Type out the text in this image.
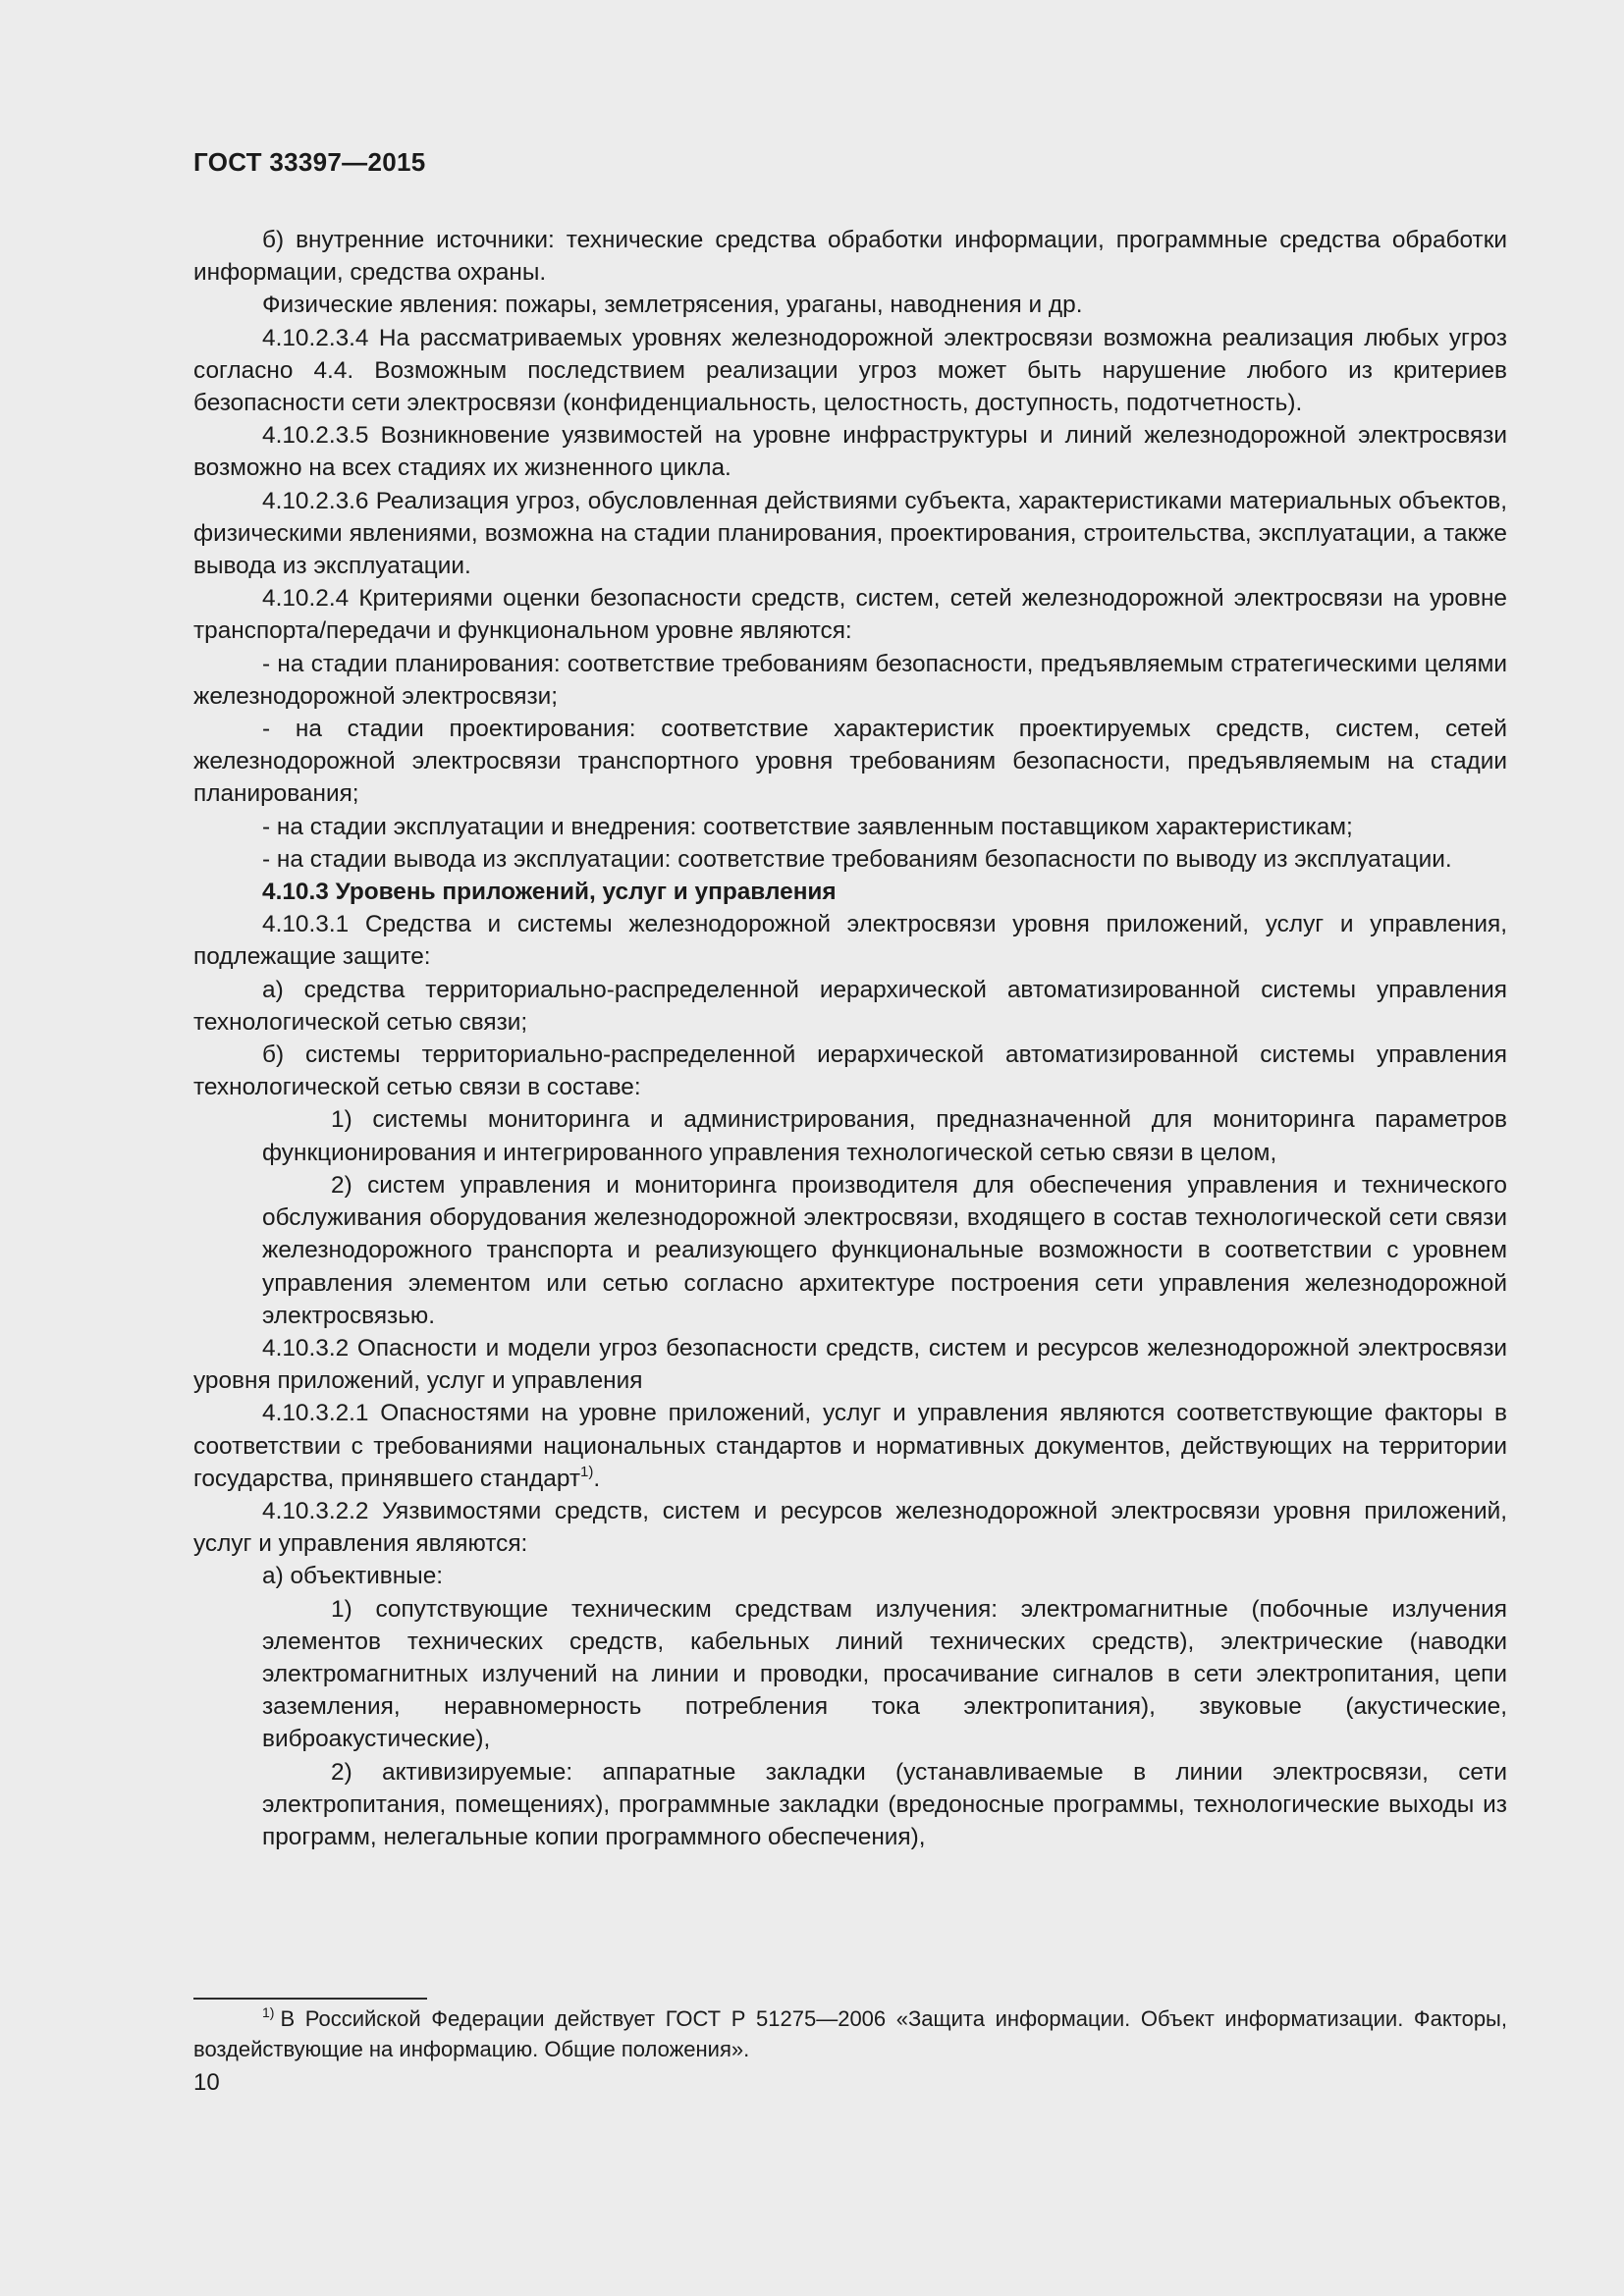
ГОСТ 33397—2015

б) внутренние источники: технические средства обработки информации, программные средства обработки информации, средства охраны.

Физические явления: пожары, землетрясения, ураганы, наводнения и др.

4.10.2.3.4 На рассматриваемых уровнях железнодорожной электросвязи возможна реализация любых угроз согласно 4.4. Возможным последствием реализации угроз может быть нарушение любого из критериев безопасности сети электросвязи (конфиденциальность, целостность, доступность, подотчетность).

4.10.2.3.5 Возникновение уязвимостей на уровне инфраструктуры и линий железнодорожной электросвязи возможно на всех стадиях их жизненного цикла.

4.10.2.3.6 Реализация угроз, обусловленная действиями субъекта, характеристиками материальных объектов, физическими явлениями, возможна на стадии планирования, проектирования, строительства, эксплуатации, а также вывода из эксплуатации.

4.10.2.4 Критериями оценки безопасности средств, систем, сетей железнодорожной электросвязи на уровне транспорта/передачи и функциональном уровне являются:

- на стадии планирования: соответствие требованиям безопасности, предъявляемым стратегическими целями железнодорожной электросвязи;

- на стадии проектирования: соответствие характеристик проектируемых средств, систем, сетей железнодорожной электросвязи транспортного уровня требованиям безопасности, предъявляемым на стадии планирования;

- на стадии эксплуатации и внедрения: соответствие заявленным поставщиком характеристикам;

- на стадии вывода из эксплуатации: соответствие требованиям безопасности по выводу из эксплуатации.

4.10.3 Уровень приложений, услуг и управления

4.10.3.1 Средства и системы железнодорожной электросвязи уровня приложений, услуг и управления, подлежащие защите:

а) средства территориально-распределенной иерархической автоматизированной системы управления технологической сетью связи;

б) системы территориально-распределенной иерархической автоматизированной системы управления технологической сетью связи в составе:

1) системы мониторинга и администрирования, предназначенной для мониторинга параметров функционирования и интегрированного управления технологической сетью связи в целом,

2) систем управления и мониторинга производителя для обеспечения управления и технического обслуживания оборудования железнодорожной электросвязи, входящего в состав технологической сети связи железнодорожного транспорта и реализующего функциональные возможности в соответствии с уровнем управления элементом или сетью согласно архитектуре построения сети управления железнодорожной электросвязью.

4.10.3.2 Опасности и модели угроз безопасности средств, систем и ресурсов железнодорожной электросвязи уровня приложений, услуг и управления

4.10.3.2.1 Опасностями на уровне приложений, услуг и управления являются соответствующие факторы в соответствии с требованиями национальных стандартов и нормативных документов, действующих на территории государства, принявшего стандарт$^{1)}$.

4.10.3.2.2 Уязвимостями средств, систем и ресурсов железнодорожной электросвязи уровня приложений, услуг и управления являются:

а) объективные:

1) сопутствующие техническим средствам излучения: электромагнитные (побочные излучения элементов технических средств, кабельных линий технических средств), электрические (наводки электромагнитных излучений на линии и проводки, просачивание сигналов в сети электропитания, цепи заземления, неравномерность потребления тока электропитания), звуковые (акустические, виброакустические),

2) активизируемые: аппаратные закладки (устанавливаемые в линии электросвязи, сети электропитания, помещениях), программные закладки (вредоносные программы, технологические выходы из программ, нелегальные копии программного обеспечения),

$^{1)}$ В Российской Федерации действует ГОСТ Р 51275—2006 «Защита информации. Объект информатизации. Факторы, воздействующие на информацию. Общие положения».

10
